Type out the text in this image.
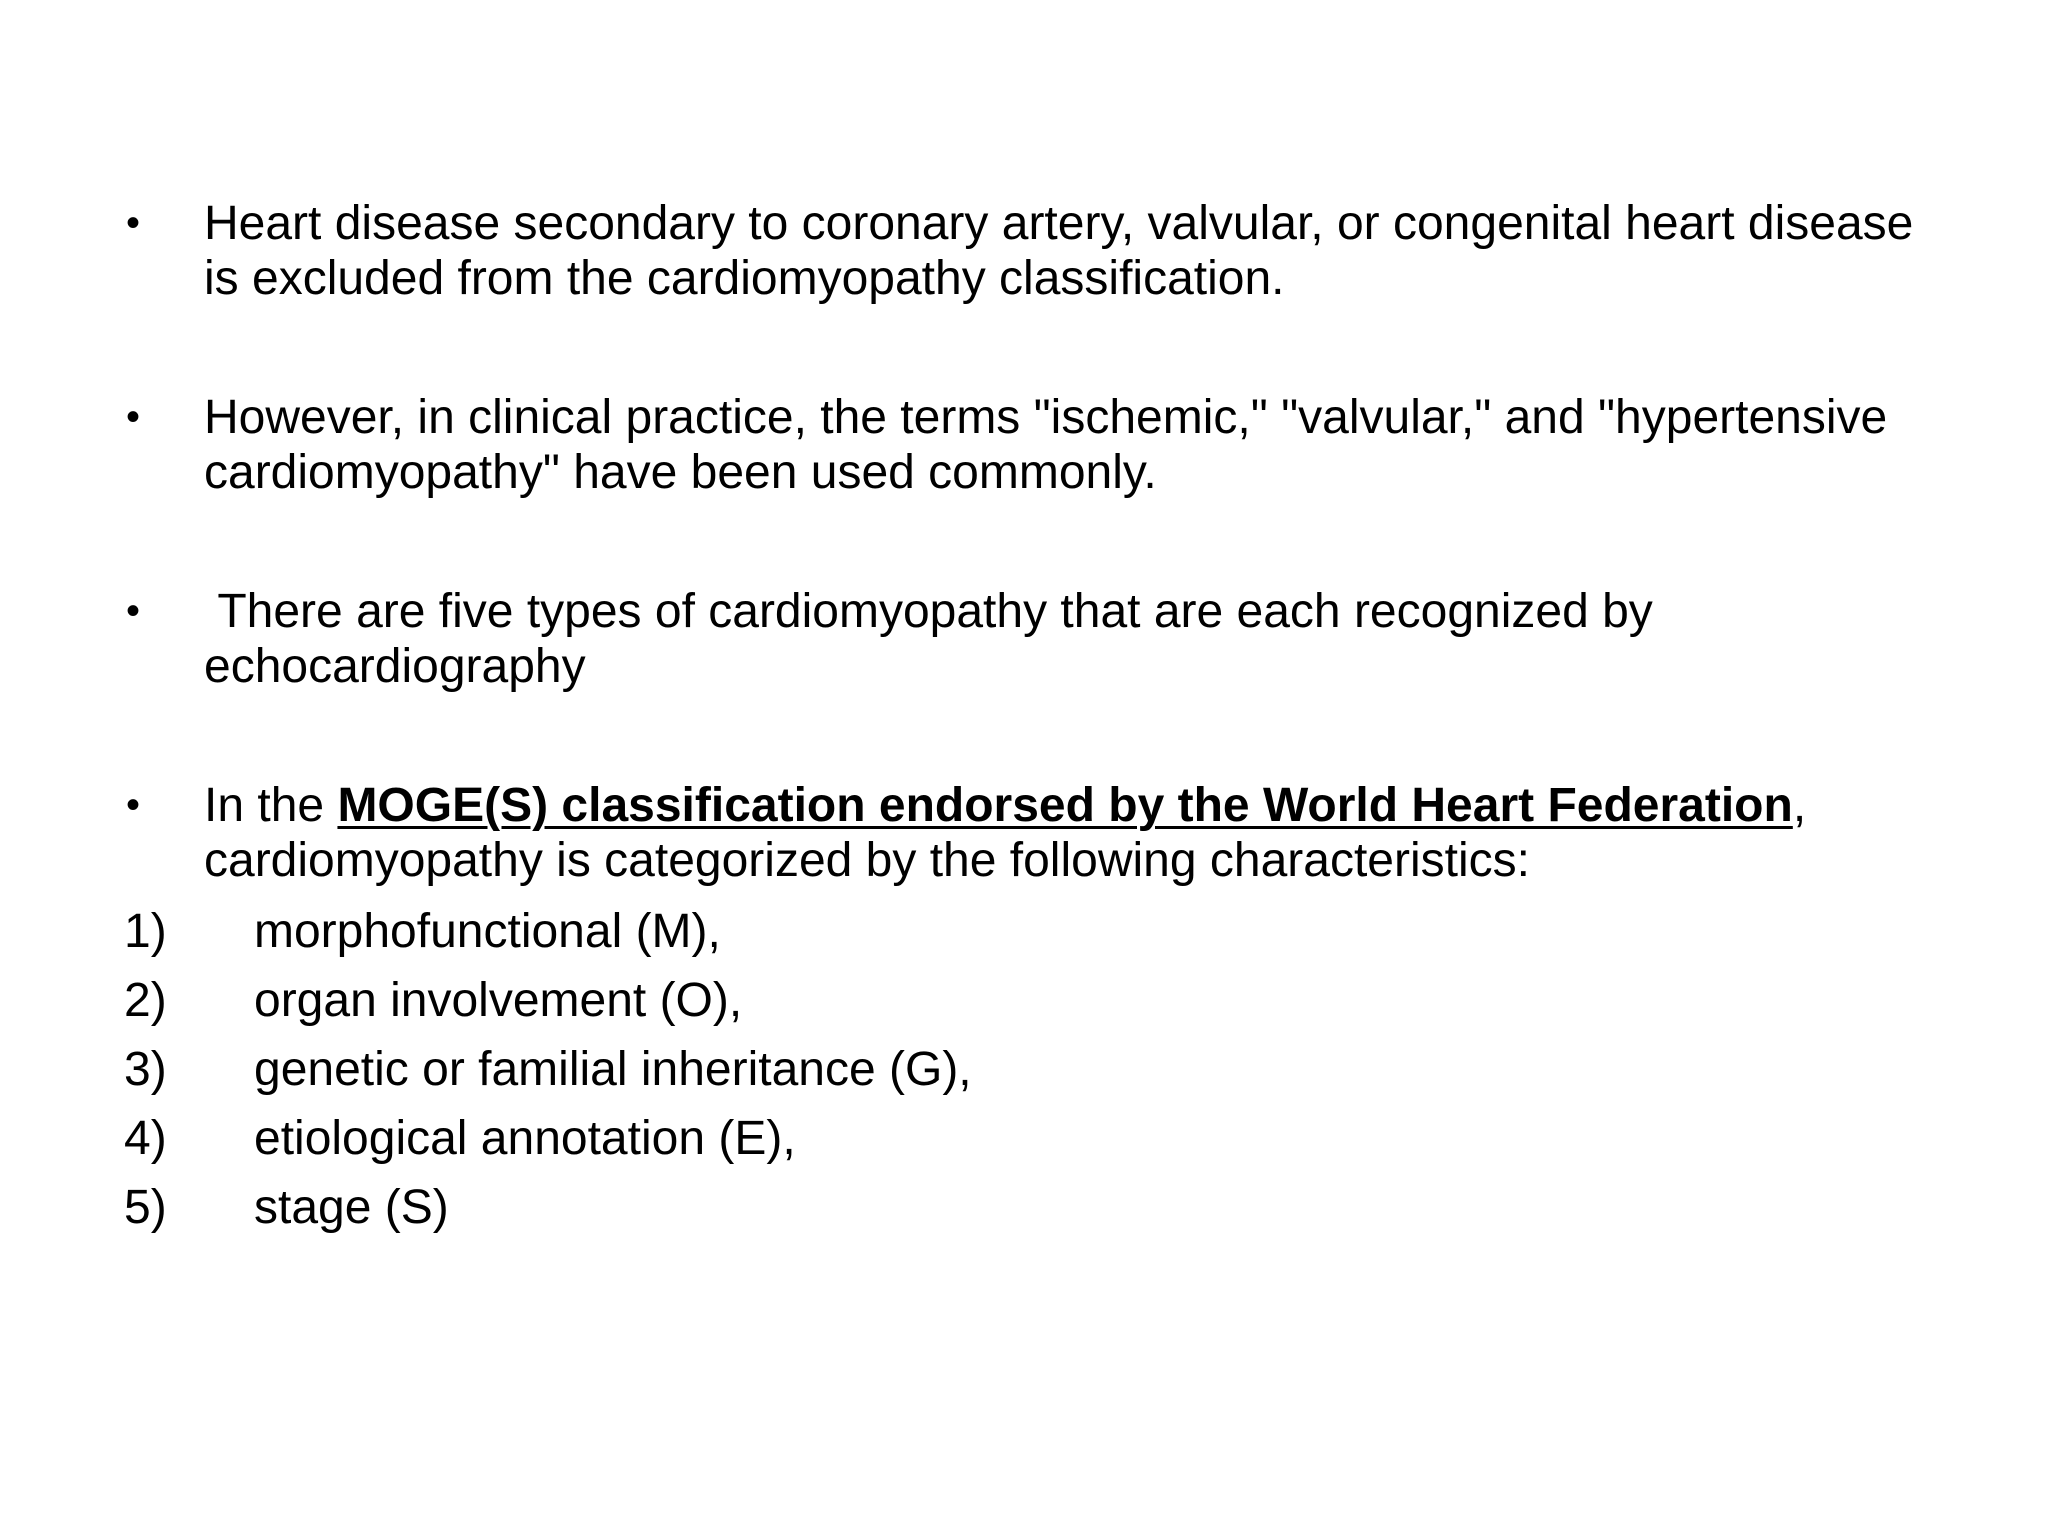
• Heart disease secondary to coronary artery, valvular, or congenital heart disease is excluded from the cardiomyopathy classification.
• However, in clinical practice, the terms "ischemic," "valvular," and "hypertensive cardiomyopathy" have been used commonly.
• There are five types of cardiomyopathy that are each recognized by echocardiography
• In the MOGE(S) classification endorsed by the World Heart Federation, cardiomyopathy is categorized by the following characteristics:
1) morphofunctional (M),
2) organ involvement (O),
3) genetic or familial inheritance (G),
4) etiological annotation (E),
5) stage (S)
